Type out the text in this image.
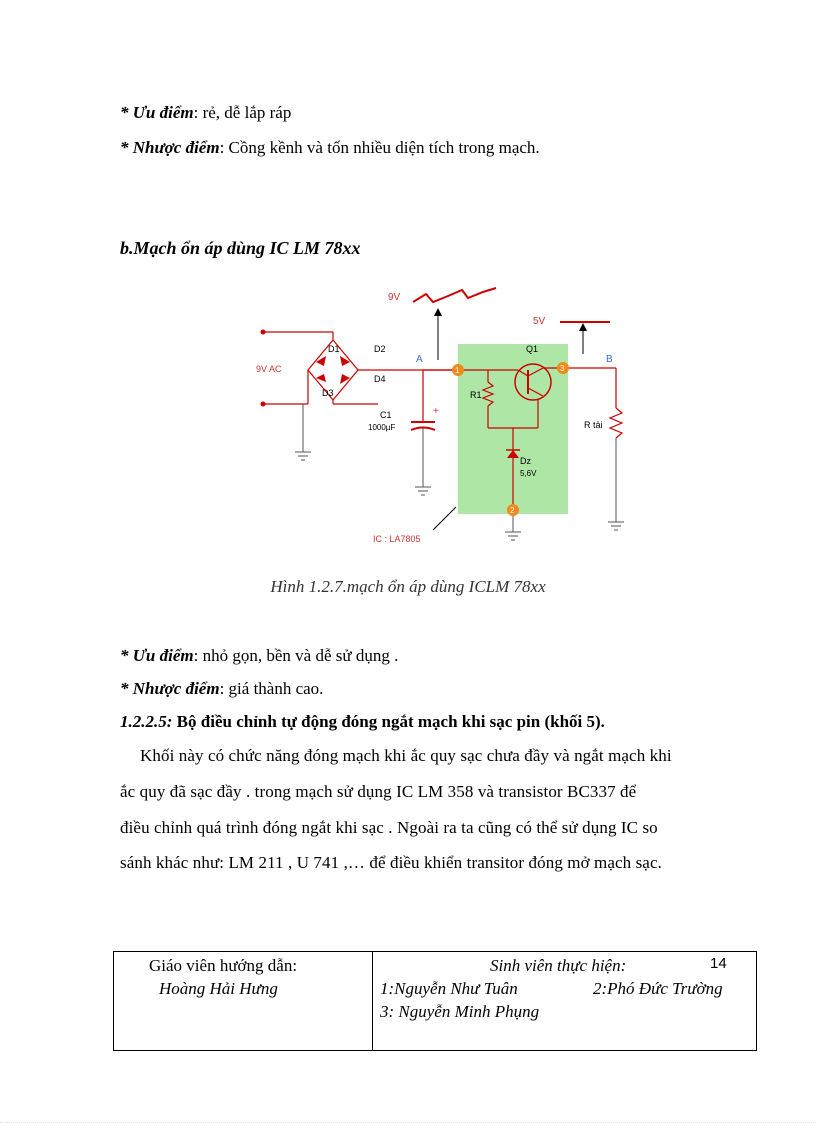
* Ưu điểm: rẻ, dễ lắp ráp
* Nhược điểm: Cồng kềnh và tốn nhiều diện tích trong mạch.
b.Mạch ổn áp dùng IC LM 78xx
9V
5V
9V AC
D1	D2
D3
D4
A
+
C1
1000µF
1
R1
Q1
Dz
5,6V
2
3
B
R tải
IC : LA7805
Hình 1.2.7.mạch ổn áp dùng ICLM 78xx
* Ưu điểm: nhỏ gọn, bền và dễ sử dụng .
* Nhược điểm: giá thành cao.
1.2.2.5: Bộ điều chỉnh tự động đóng ngắt mạch khi sạc pin (khối 5).
Khối này có chức năng đóng mạch khi ắc quy sạc chưa đầy và ngắt mạch khi
ắc quy đã sạc đầy . trong mạch sử dụng IC LM 358 và transistor BC337 để
điều chỉnh quá trình đóng ngắt khi sạc . Ngoài ra ta cũng có thể sử dụng IC so
sánh khác như: LM 211 , U 741 ,… để điều khiển transitor đóng mở mạch sạc.
Giáo viên hướng dẫn:
Hoàng Hải Hưng
Sinh viên thực hiện:	14
1:Nguyễn Như Tuân	2:Phó Đức Trường
3: Nguyễn Minh Phụng
